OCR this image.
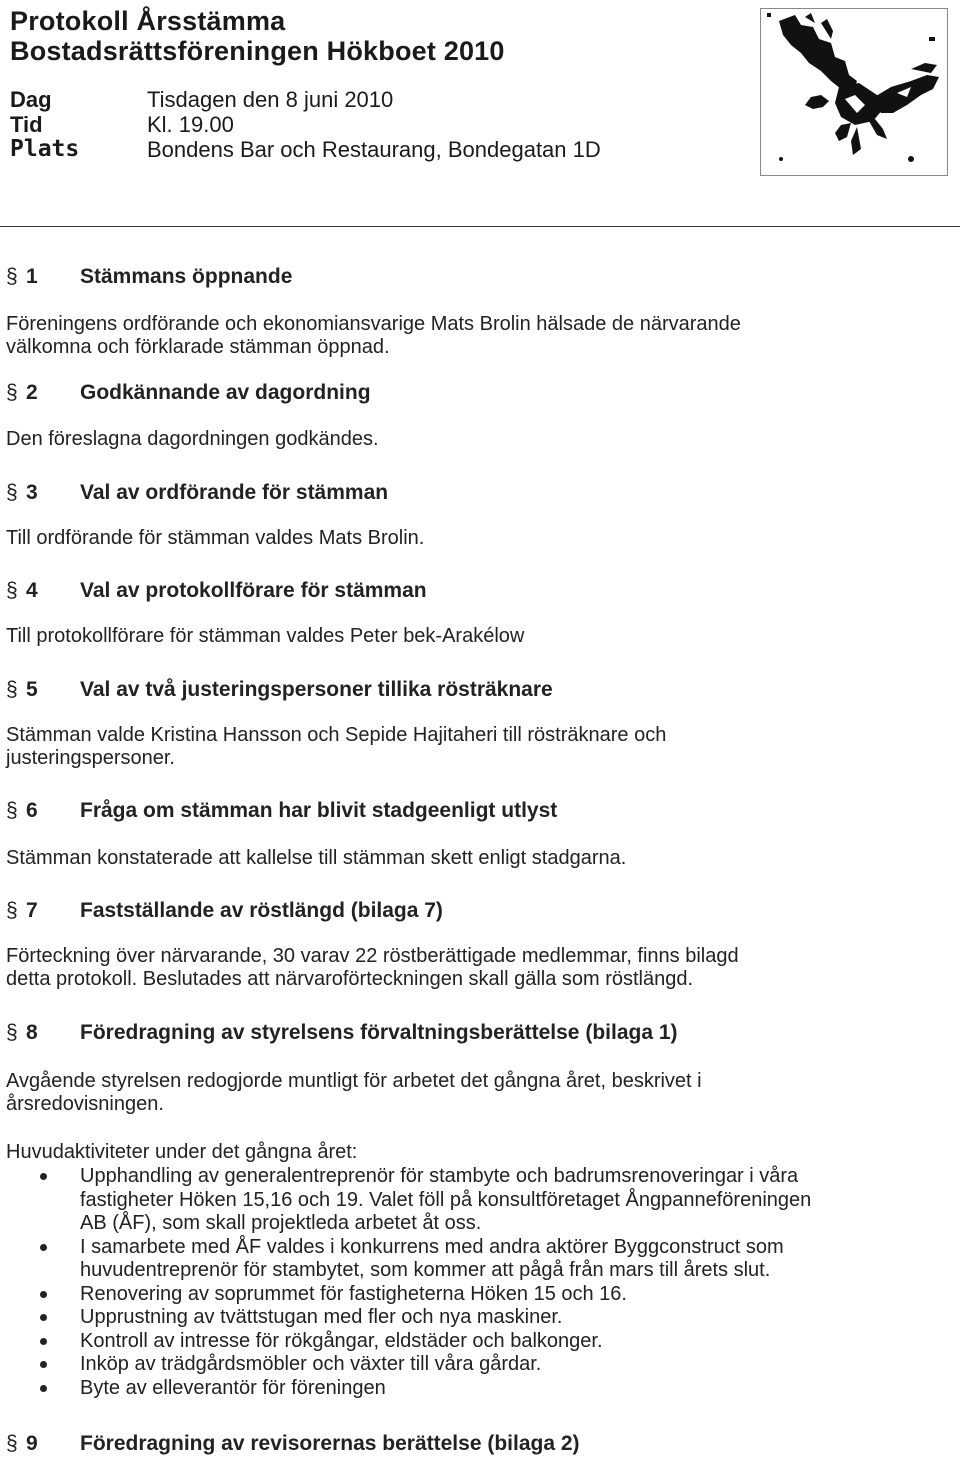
Protokoll Årsstämma
Bostadsrättsföreningen Hökboet 2010
Dag	Tisdagen den 8 juni 2010
Tid	Kl. 19.00
Plats	Bondens Bar och Restaurang, Bondegatan 1D
§ 1	Stämmans öppnande
Föreningens ordförande och ekonomiansvarige Mats Brolin hälsade de närvarande
välkomna och förklarade stämman öppnad.
§ 2	Godkännande av dagordning
Den föreslagna dagordningen godkändes.
§ 3	Val av ordförande för stämman
Till ordförande för stämman valdes Mats Brolin.
§ 4	Val av protokollförare för stämman
Till protokollförare för stämman valdes Peter bek-Arakélow
§ 5	Val av två justeringspersoner tillika rösträknare
Stämman valde Kristina Hansson och Sepide Hajitaheri till rösträknare och
justeringspersoner.
§ 6	Fråga om stämman har blivit stadgeenligt utlyst
Stämman konstaterade att kallelse till stämman skett enligt stadgarna.
§ 7	Fastställande av röstlängd (bilaga 7)
Förteckning över närvarande, 30 varav 22 röstberättigade medlemmar, finns bilagd
detta protokoll. Beslutades att närvaroförteckningen skall gälla som röstlängd.
§ 8	Föredragning av styrelsens förvaltningsberättelse (bilaga 1)
Avgående styrelsen redogjorde muntligt för arbetet det gångna året, beskrivet i
årsredovisningen.
Huvudaktiviteter under det gångna året:
Upphandling av generalentreprenör för stambyte och badrumsrenoveringar i våra
fastigheter Höken 15,16 och 19. Valet föll på konsultföretaget Ångpanneföreningen
AB (ÅF), som skall projektleda arbetet åt oss.
I samarbete med ÅF valdes i konkurrens med andra aktörer Byggconstruct som
huvudentreprenör för stambytet, som kommer att pågå från mars till årets slut.
Renovering av soprummet för fastigheterna Höken 15 och 16.
Upprustning av tvättstugan med fler och nya maskiner.
Kontroll av intresse för rökgångar, eldstäder och balkonger.
Inköp av trädgårdsmöbler och växter till våra gårdar.
Byte av elleverantör för föreningen
§ 9	Föredragning av revisorernas berättelse (bilaga 2)
